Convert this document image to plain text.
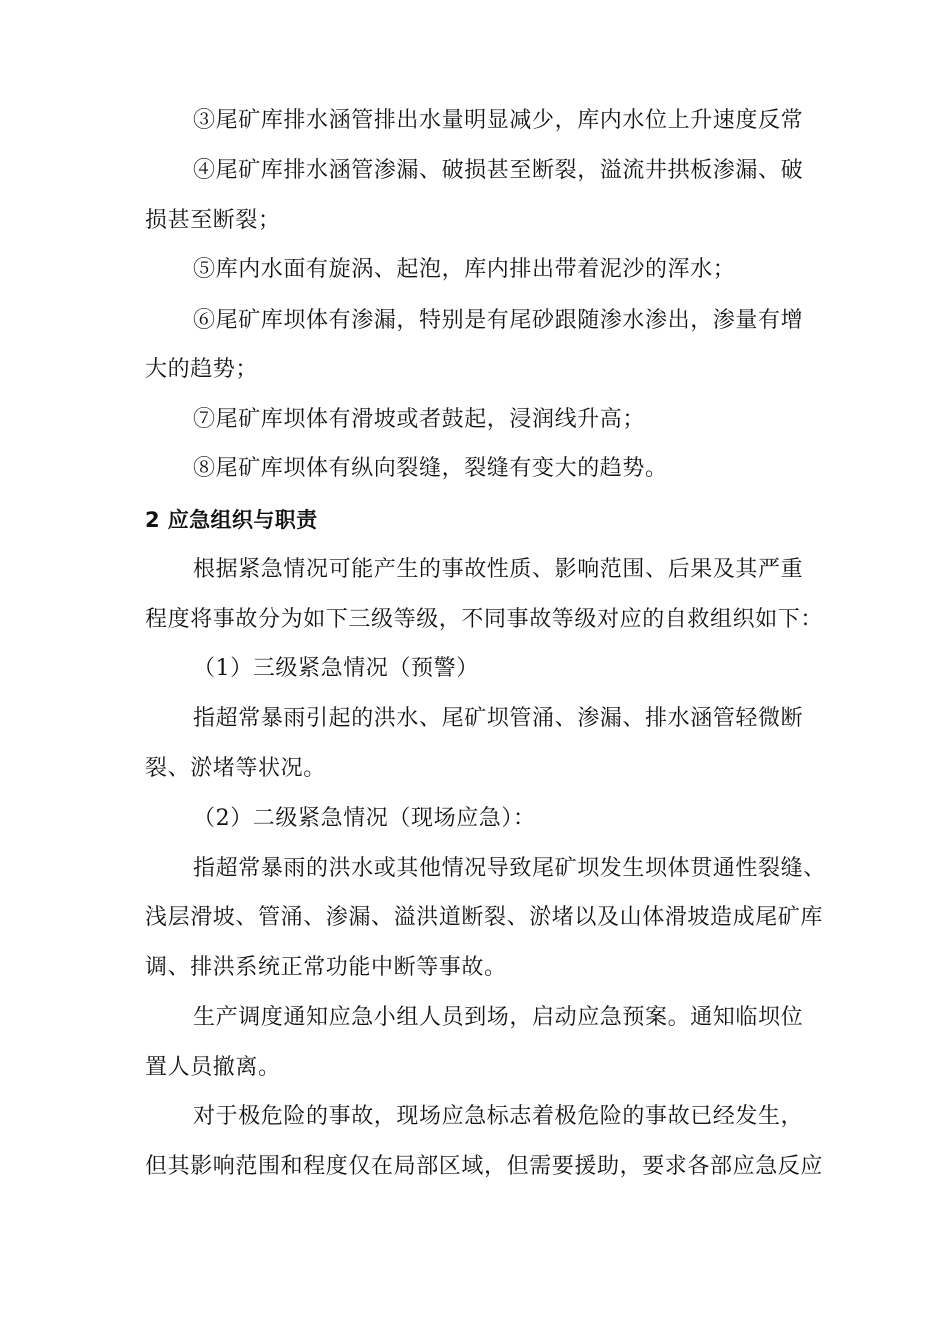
③尾矿库排水涵管排出水量明显减少，库内水位上升速度反常
④尾矿库排水涵管渗漏、破损甚至断裂，溢流井拱板渗漏、破
损甚至断裂；
⑤库内水面有旋涡、起泡，库内排出带着泥沙的浑水；
⑥尾矿库坝体有渗漏，特别是有尾砂跟随渗水渗出，渗量有增
大的趋势；
⑦尾矿库坝体有滑坡或者鼓起，浸润线升高；
⑧尾矿库坝体有纵向裂缝，裂缝有变大的趋势。
2 应急组织与职责
根据紧急情况可能产生的事故性质、影响范围、后果及其严重
程度将事故分为如下三级等级，不同事故等级对应的自救组织如下：
（1）三级紧急情况（预警）
指超常暴雨引起的洪水、尾矿坝管涌、渗漏、排水涵管轻微断
裂、淤堵等状况。
（2）二级紧急情况（现场应急）：
指超常暴雨的洪水或其他情况导致尾矿坝发生坝体贯通性裂缝、
浅层滑坡、管涌、渗漏、溢洪道断裂、淤堵以及山体滑坡造成尾矿库
调、排洪系统正常功能中断等事故。
生产调度通知应急小组人员到场，启动应急预案。通知临坝位
置人员撤离。
对于极危险的事故，现场应急标志着极危险的事故已经发生，
但其影响范围和程度仅在局部区域，但需要援助，要求各部应急反应
